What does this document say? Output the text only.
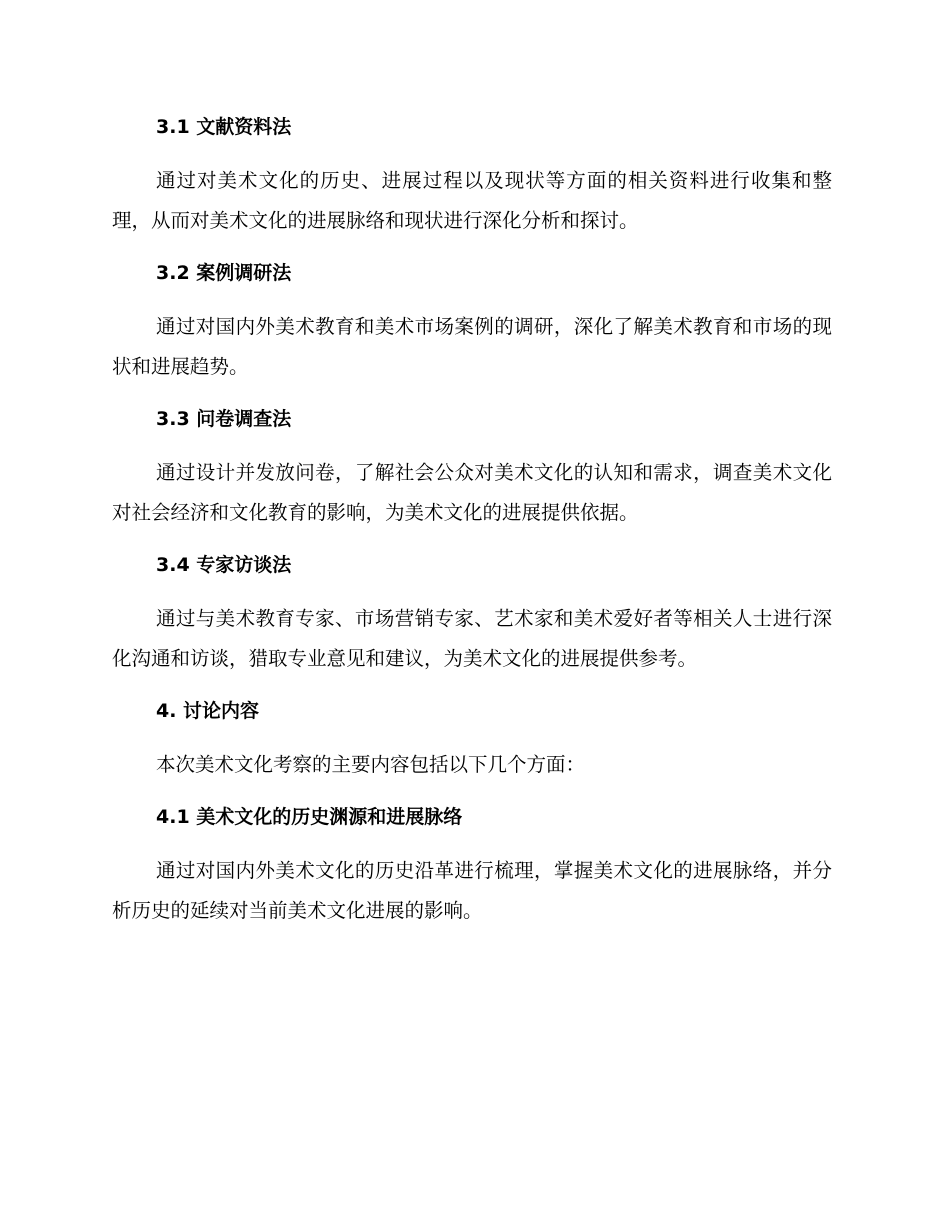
3.1 文献资料法

通过对美术文化的历史、进展过程以及现状等方面的相关资料进行收集和整理，从而对美术文化的进展脉络和现状进行深化分析和探讨。

3.2 案例调研法

通过对国内外美术教育和美术市场案例的调研，深化了解美术教育和市场的现状和进展趋势。

3.3 问卷调查法

通过设计并发放问卷，了解社会公众对美术文化的认知和需求，调查美术文化对社会经济和文化教育的影响，为美术文化的进展提供依据。

3.4 专家访谈法

通过与美术教育专家、市场营销专家、艺术家和美术爱好者等相关人士进行深化沟通和访谈，猎取专业意见和建议，为美术文化的进展提供参考。

4. 讨论内容

本次美术文化考察的主要内容包括以下几个方面：

4.1 美术文化的历史渊源和进展脉络

通过对国内外美术文化的历史沿革进行梳理，掌握美术文化的进展脉络，并分析历史的延续对当前美术文化进展的影响。
